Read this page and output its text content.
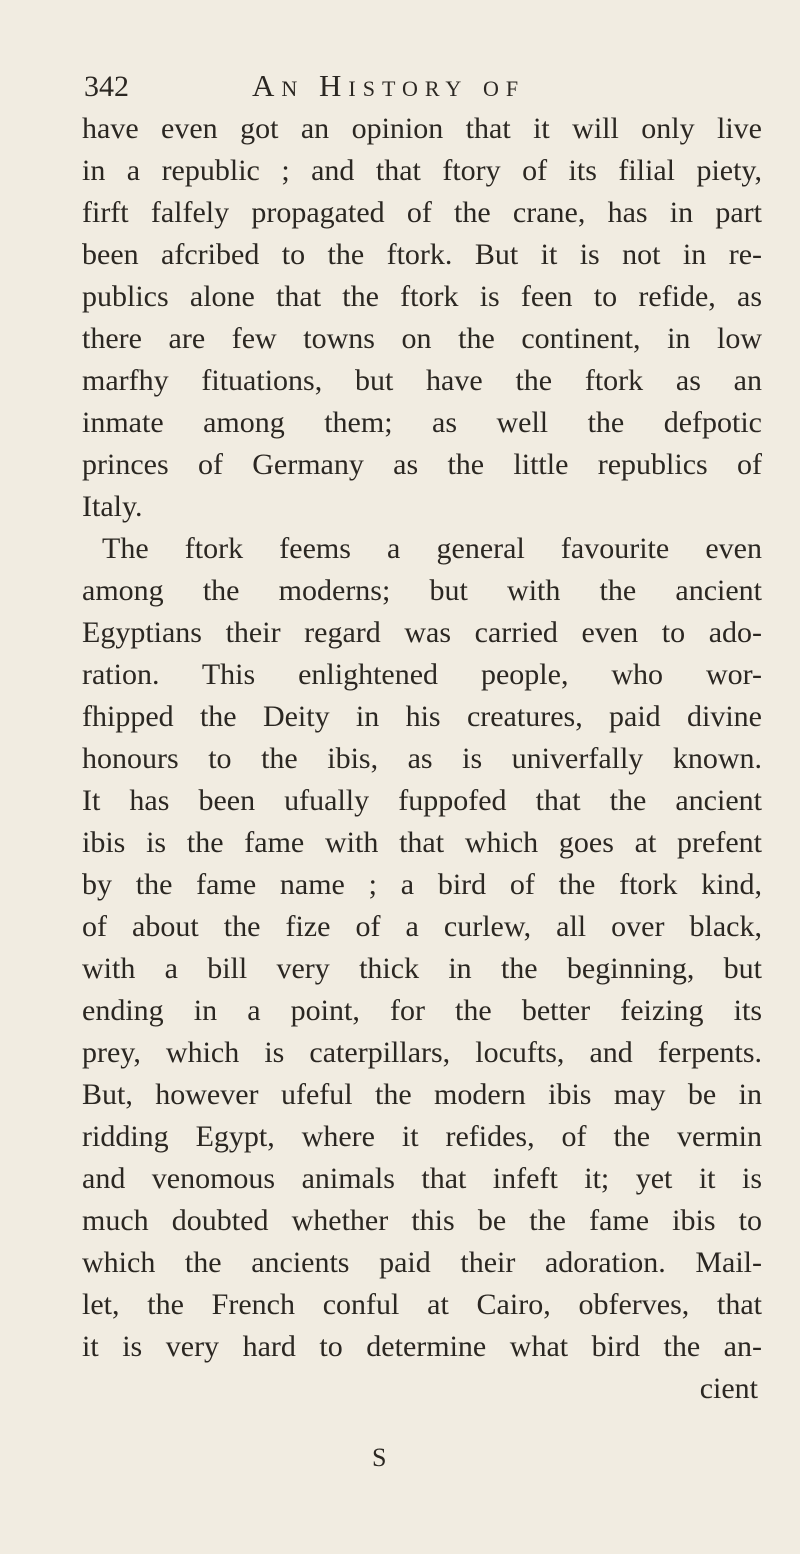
342	An History of
have even got an opinion that it will only live
in a republic ; and that ftory of its filial piety,
firft falfely propagated of the crane, has in part
been afcribed to the ftork. But it is not in re-
publics alone that the ftork is feen to refide, as
there are few towns on the continent, in low
marfhy fituations, but have the ftork as an
inmate among them; as well the defpotic
princes of Germany as the little republics of
Italy.
The ftork feems a general favourite even
among the moderns; but with the ancient
Egyptians their regard was carried even to ado-
ration. This enlightened people, who wor-
fhipped the Deity in his creatures, paid divine
honours to the ibis, as is univerfally known.
It has been ufually fuppofed that the ancient
ibis is the fame with that which goes at prefent
by the fame name ; a bird of the ftork kind,
of about the fize of a curlew, all over black,
with a bill very thick in the beginning, but
ending in a point, for the better feizing its
prey, which is caterpillars, locufts, and ferpents.
But, however ufeful the modern ibis may be in
ridding Egypt, where it refides, of the vermin
and venomous animals that infeft it; yet it is
much doubted whether this be the fame ibis to
which the ancients paid their adoration. Mail-
let, the French conful at Cairo, obferves, that
it is very hard to determine what bird the an-
cient
S
